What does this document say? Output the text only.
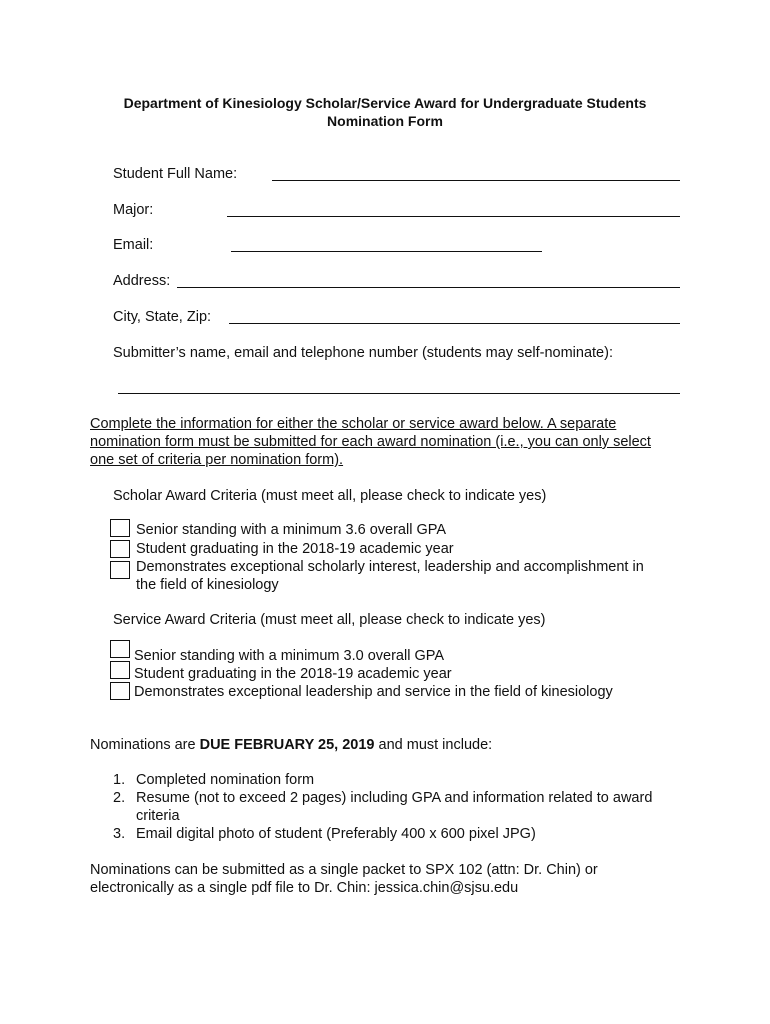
Department of Kinesiology Scholar/Service Award for Undergraduate Students
Nomination Form
Student Full Name:
Major:
Email:
Address:
City, State, Zip:
Submitter’s name, email and telephone number (students may self-nominate):
Complete the information for either the scholar or service award below. A separate
nomination form must be submitted for each award nomination (i.e., you can only select
one set of criteria per nomination form).
Scholar Award Criteria (must meet all, please check to indicate yes)
Senior standing with a minimum 3.6 overall GPA
Student graduating in the 2018-19 academic year
Demonstrates exceptional scholarly interest, leadership and accomplishment in
the field of kinesiology
Service Award Criteria (must meet all, please check to indicate yes)
Senior standing with a minimum 3.0 overall GPA
Student graduating in the 2018-19 academic year
Demonstrates exceptional leadership and service in the field of kinesiology
Nominations are DUE FEBRUARY 25, 2019 and must include:
1. Completed nomination form
2. Resume (not to exceed 2 pages) including GPA and information related to award
criteria
3. Email digital photo of student (Preferably 400 x 600 pixel JPG)
Nominations can be submitted as a single packet to SPX 102 (attn: Dr. Chin) or
electronically as a single pdf file to Dr. Chin: jessica.chin@sjsu.edu
